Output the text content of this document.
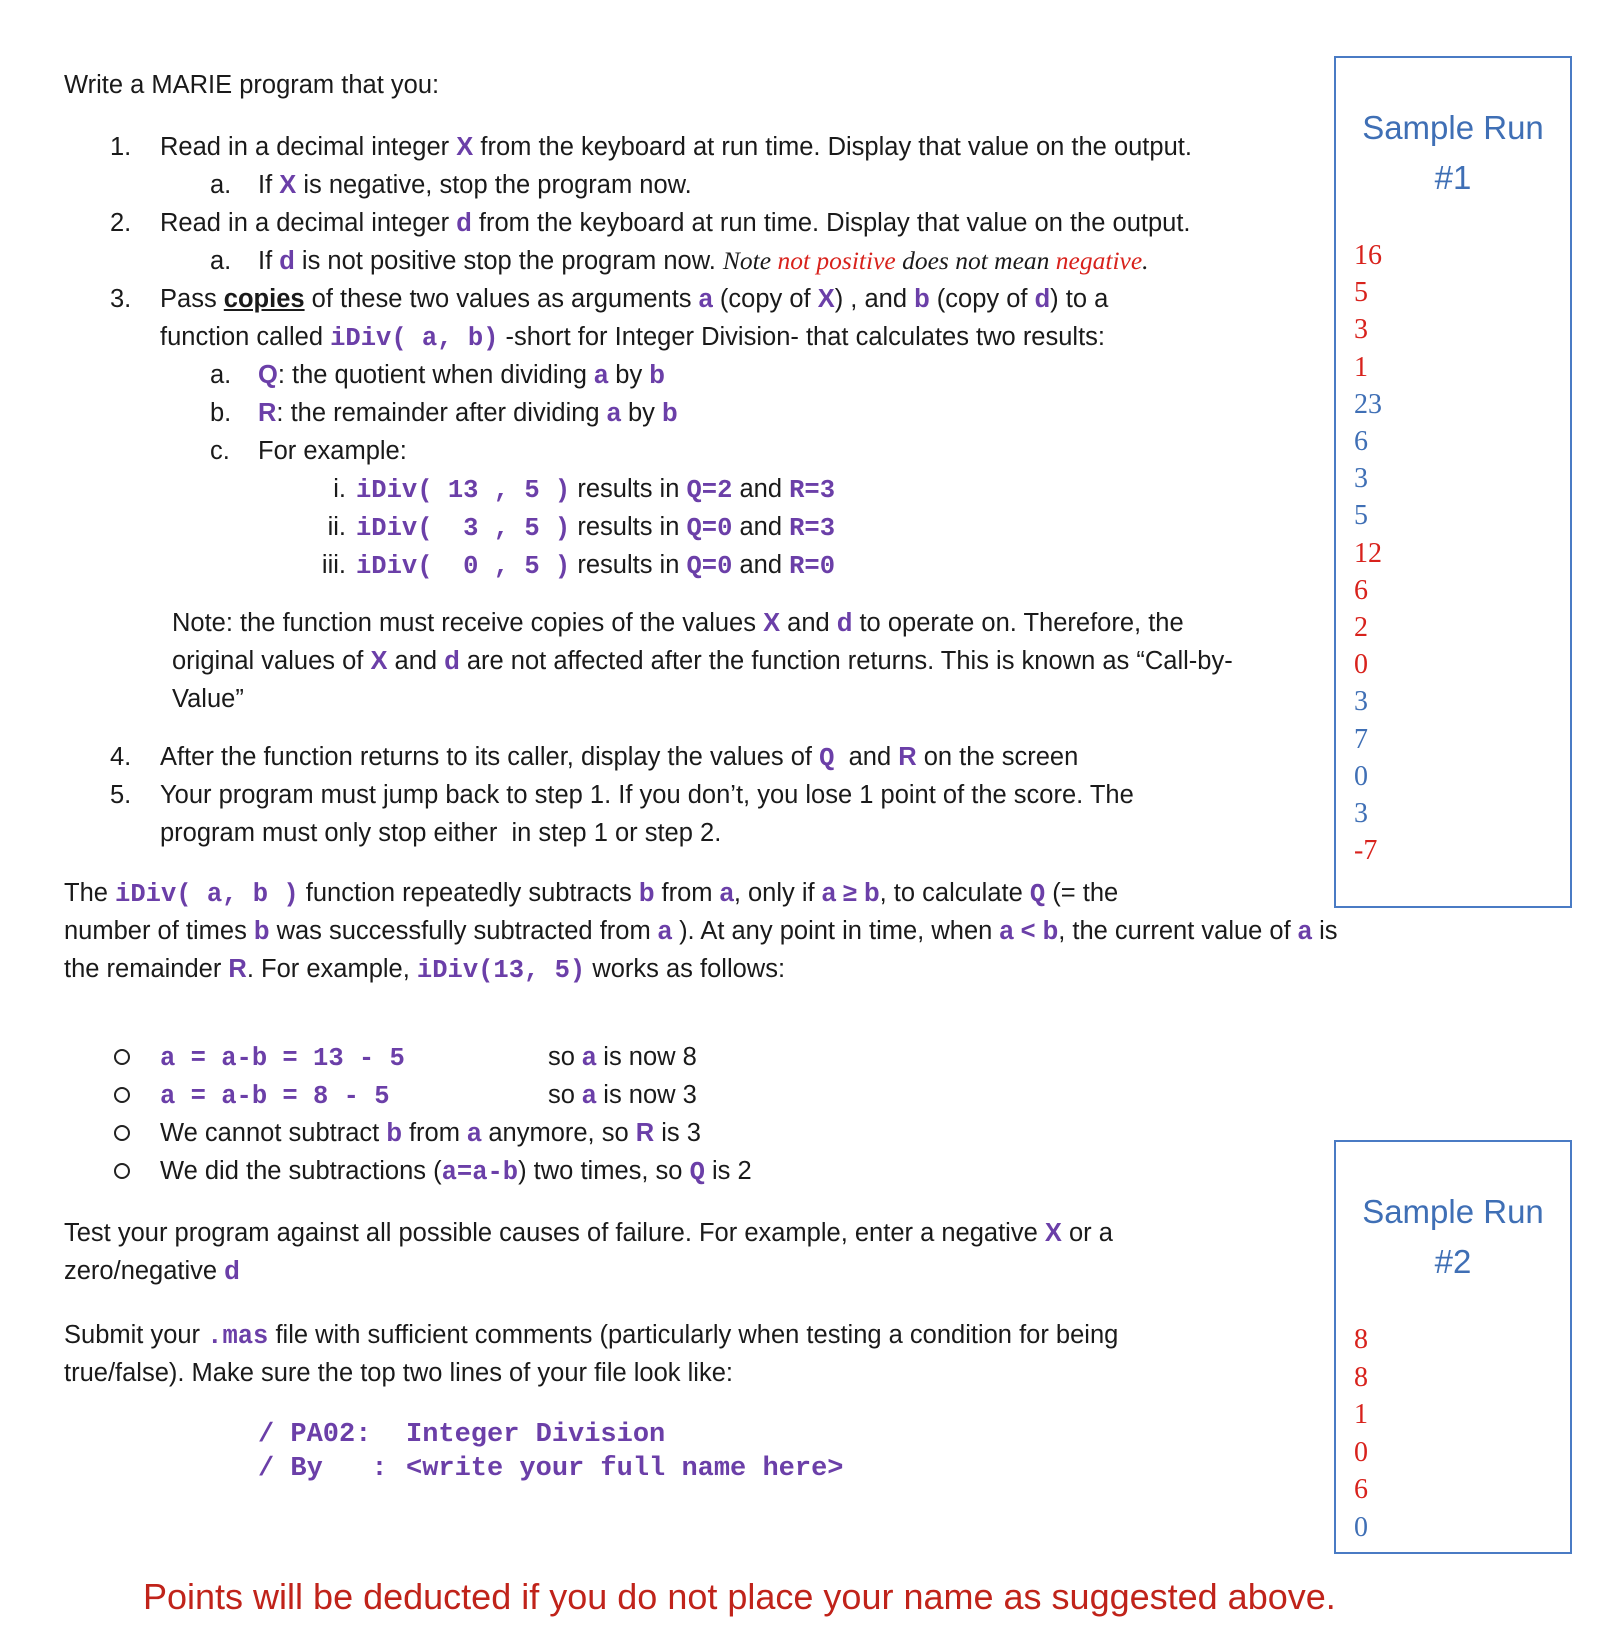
Write a MARIE program that you:
1. Read in a decimal integer X from the keyboard at run time. Display that value on the output.
a. If X is negative, stop the program now.
2. Read in a decimal integer d from the keyboard at run time. Display that value on the output.
a. If d is not positive stop the program now. Note not positive does not mean negative.
3. Pass copies of these two values as arguments a (copy of X) , and b (copy of d) to a
function called iDiv( a, b) -short for Integer Division- that calculates two results:
a. Q: the quotient when dividing a by b
b. R: the remainder after dividing a by b
c. For example:
i. iDiv( 13 , 5 ) results in Q=2 and R=3
ii. iDiv(  3 , 5 ) results in Q=0 and R=3
iii. iDiv(  0 , 5 ) results in Q=0 and R=0
Note: the function must receive copies of the values X and d to operate on. Therefore, the
original values of X and d are not affected after the function returns. This is known as “Call-by-
Value”
4. After the function returns to its caller, display the values of Q  and R on the screen
5. Your program must jump back to step 1. If you don’t, you lose 1 point of the score. The
program must only stop either  in step 1 or step 2.
The iDiv( a, b ) function repeatedly subtracts b from a, only if a ≥ b, to calculate Q (= the
number of times b was successfully subtracted from a ). At any point in time, when a < b, the current value of a is
the remainder R. For example, iDiv(13, 5) works as follows:
a = a-b = 13 - 5	so a is now 8
a = a-b = 8 - 5	so a is now 3
We cannot subtract b from a anymore, so R is 3
We did the subtractions (a=a-b) two times, so Q is 2
Test your program against all possible causes of failure. For example, enter a negative X or a
zero/negative d
Submit your .mas file with sufficient comments (particularly when testing a condition for being
true/false). Make sure the top two lines of your file look like:
/ PA02: Integer Division
/ By   : <write your full name here>
Sample Run
#1
16
5
3
1
23
6
3
5
12
6
2
0
3
7
0
3
-7
Sample Run
#2
8
8
1
0
6
0
Points will be deducted if you do not place your name as suggested above.
